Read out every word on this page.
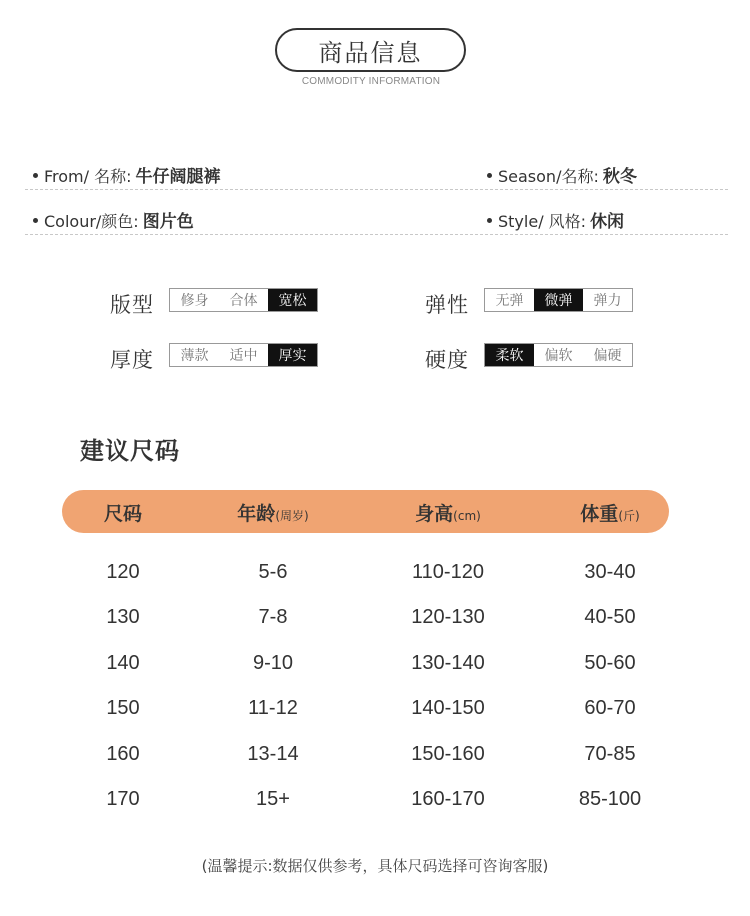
商品信息
COMMODITY INFORMATION
From/ 名称: 牛仔阔腿裤	Season/名称: 秋冬
Colour/颜色: 图片色	Style/ 风格: 休闲
版型	修身	合体	宽松	弹性	无弹	微弹	弹力
厚度	薄款	适中	厚实	硬度	柔软	偏软	偏硬
建议尺码
尺码	年龄(周岁)	身高(cm)	体重(斤)
120	5-6	110-120	30-40
130	7-8	120-130	40-50
140	9-10	130-140	50-60
150	11-12	140-150	60-70
160	13-14	150-160	70-85
170	15+	160-170	85-100
(温馨提示:数据仅供参考，具体尺码选择可咨询客服)
